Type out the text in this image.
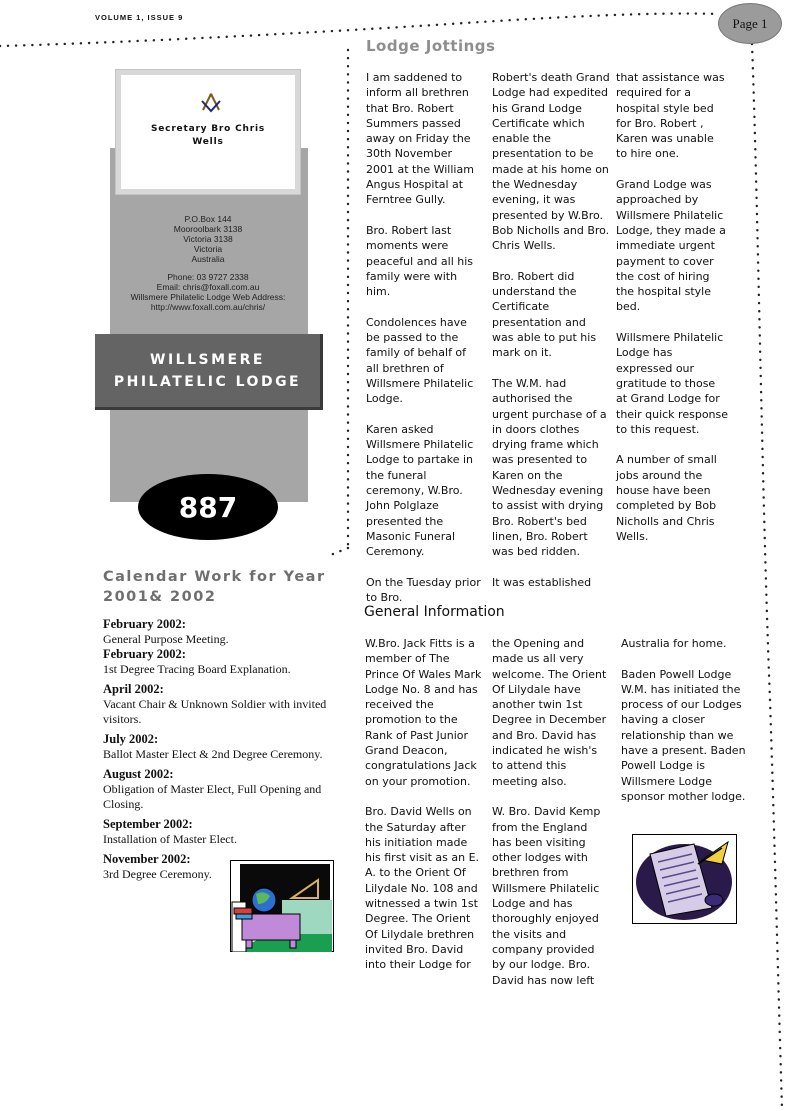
VOLUME 1, ISSUE 9	Page 1
Secretary Bro Chris Wells
P.O.Box 144
Mooroolbark 3138
Victoria 3138
Victoria
Australia
Phone: 03 9727 2338
Email: chris@foxall.com.au
Willsmere Philatelic Lodge Web Address:
http://www.foxall.com.au/chris/
WILLSMERE
PHILATELIC LODGE
887
Calendar Work for Year 2001& 2002
February 2002:
General Purpose Meeting.
February 2002:
1st Degree Tracing Board Explanation.
April 2002:
Vacant Chair & Unknown Soldier with invited visitors.
July 2002:
Ballot Master Elect & 2nd Degree Ceremony.
August 2002:
Obligation of Master Elect, Full Opening and Closing.
September 2002:
Installation of Master Elect.
November 2002:
3rd Degree Ceremony.
Lodge Jottings

I am saddened to inform all brethren that Bro. Robert Summers passed away on Friday the 30th November 2001 at the William Angus Hospital at Ferntree Gully.

Bro. Robert last moments were peaceful and all his family were with him.

Condolences have be passed to the family of behalf of all brethren of Willsmere Philatelic Lodge.

Karen asked Willsmere Philatelic Lodge to partake in the funeral ceremony, W.Bro. John Polglaze presented the Masonic Funeral Ceremony.

On the Tuesday prior to Bro.

Robert's death Grand Lodge had expedited his Grand Lodge Certificate which enable the presentation to be made at his home on the Wednesday evening, it was presented by W.Bro. Bob Nicholls and Bro. Chris Wells.

Bro. Robert did understand the Certificate presentation and was able to put his mark on it.

The W.M. had authorised the urgent purchase of a in doors clothes drying frame which was presented to Karen on the Wednesday evening to assist with drying Bro. Robert's bed linen, Bro. Robert was bed ridden.

It was established

that assistance was required for a hospital style bed for Bro. Robert , Karen was unable to hire one.

Grand Lodge was approached by Willsmere Philatelic Lodge, they made a immediate urgent payment to cover the cost of hiring the hospital style bed.

Willsmere Philatelic Lodge has expressed our gratitude to those at Grand Lodge for their quick response to this request.

A number of small jobs around the house have been completed by Bob Nicholls and Chris Wells.

General Information

W.Bro. Jack Fitts is a member of The Prince Of Wales Mark Lodge No. 8 and has received the promotion to the Rank of Past Junior Grand Deacon, congratulations Jack on your promotion.

Bro. David Wells on the Saturday after his initiation made his first visit as an E. A. to the Orient Of Lilydale No. 108 and witnessed a twin 1st Degree. The Orient Of Lilydale brethren invited Bro. David into their Lodge for

the Opening and made us all very welcome. The Orient Of Lilydale have another twin 1st Degree in December and Bro. David has indicated he wish's to attend this meeting also.

W. Bro. David Kemp from the England has been visiting other lodges with brethren from Willsmere Philatelic Lodge and has thoroughly enjoyed the visits and company provided by our lodge. Bro. David has now left

Australia for home.

Baden Powell Lodge W.M. has initiated the process of our Lodges having a closer relationship than we have a present. Baden Powell Lodge is Willsmere Lodge sponsor mother lodge.
